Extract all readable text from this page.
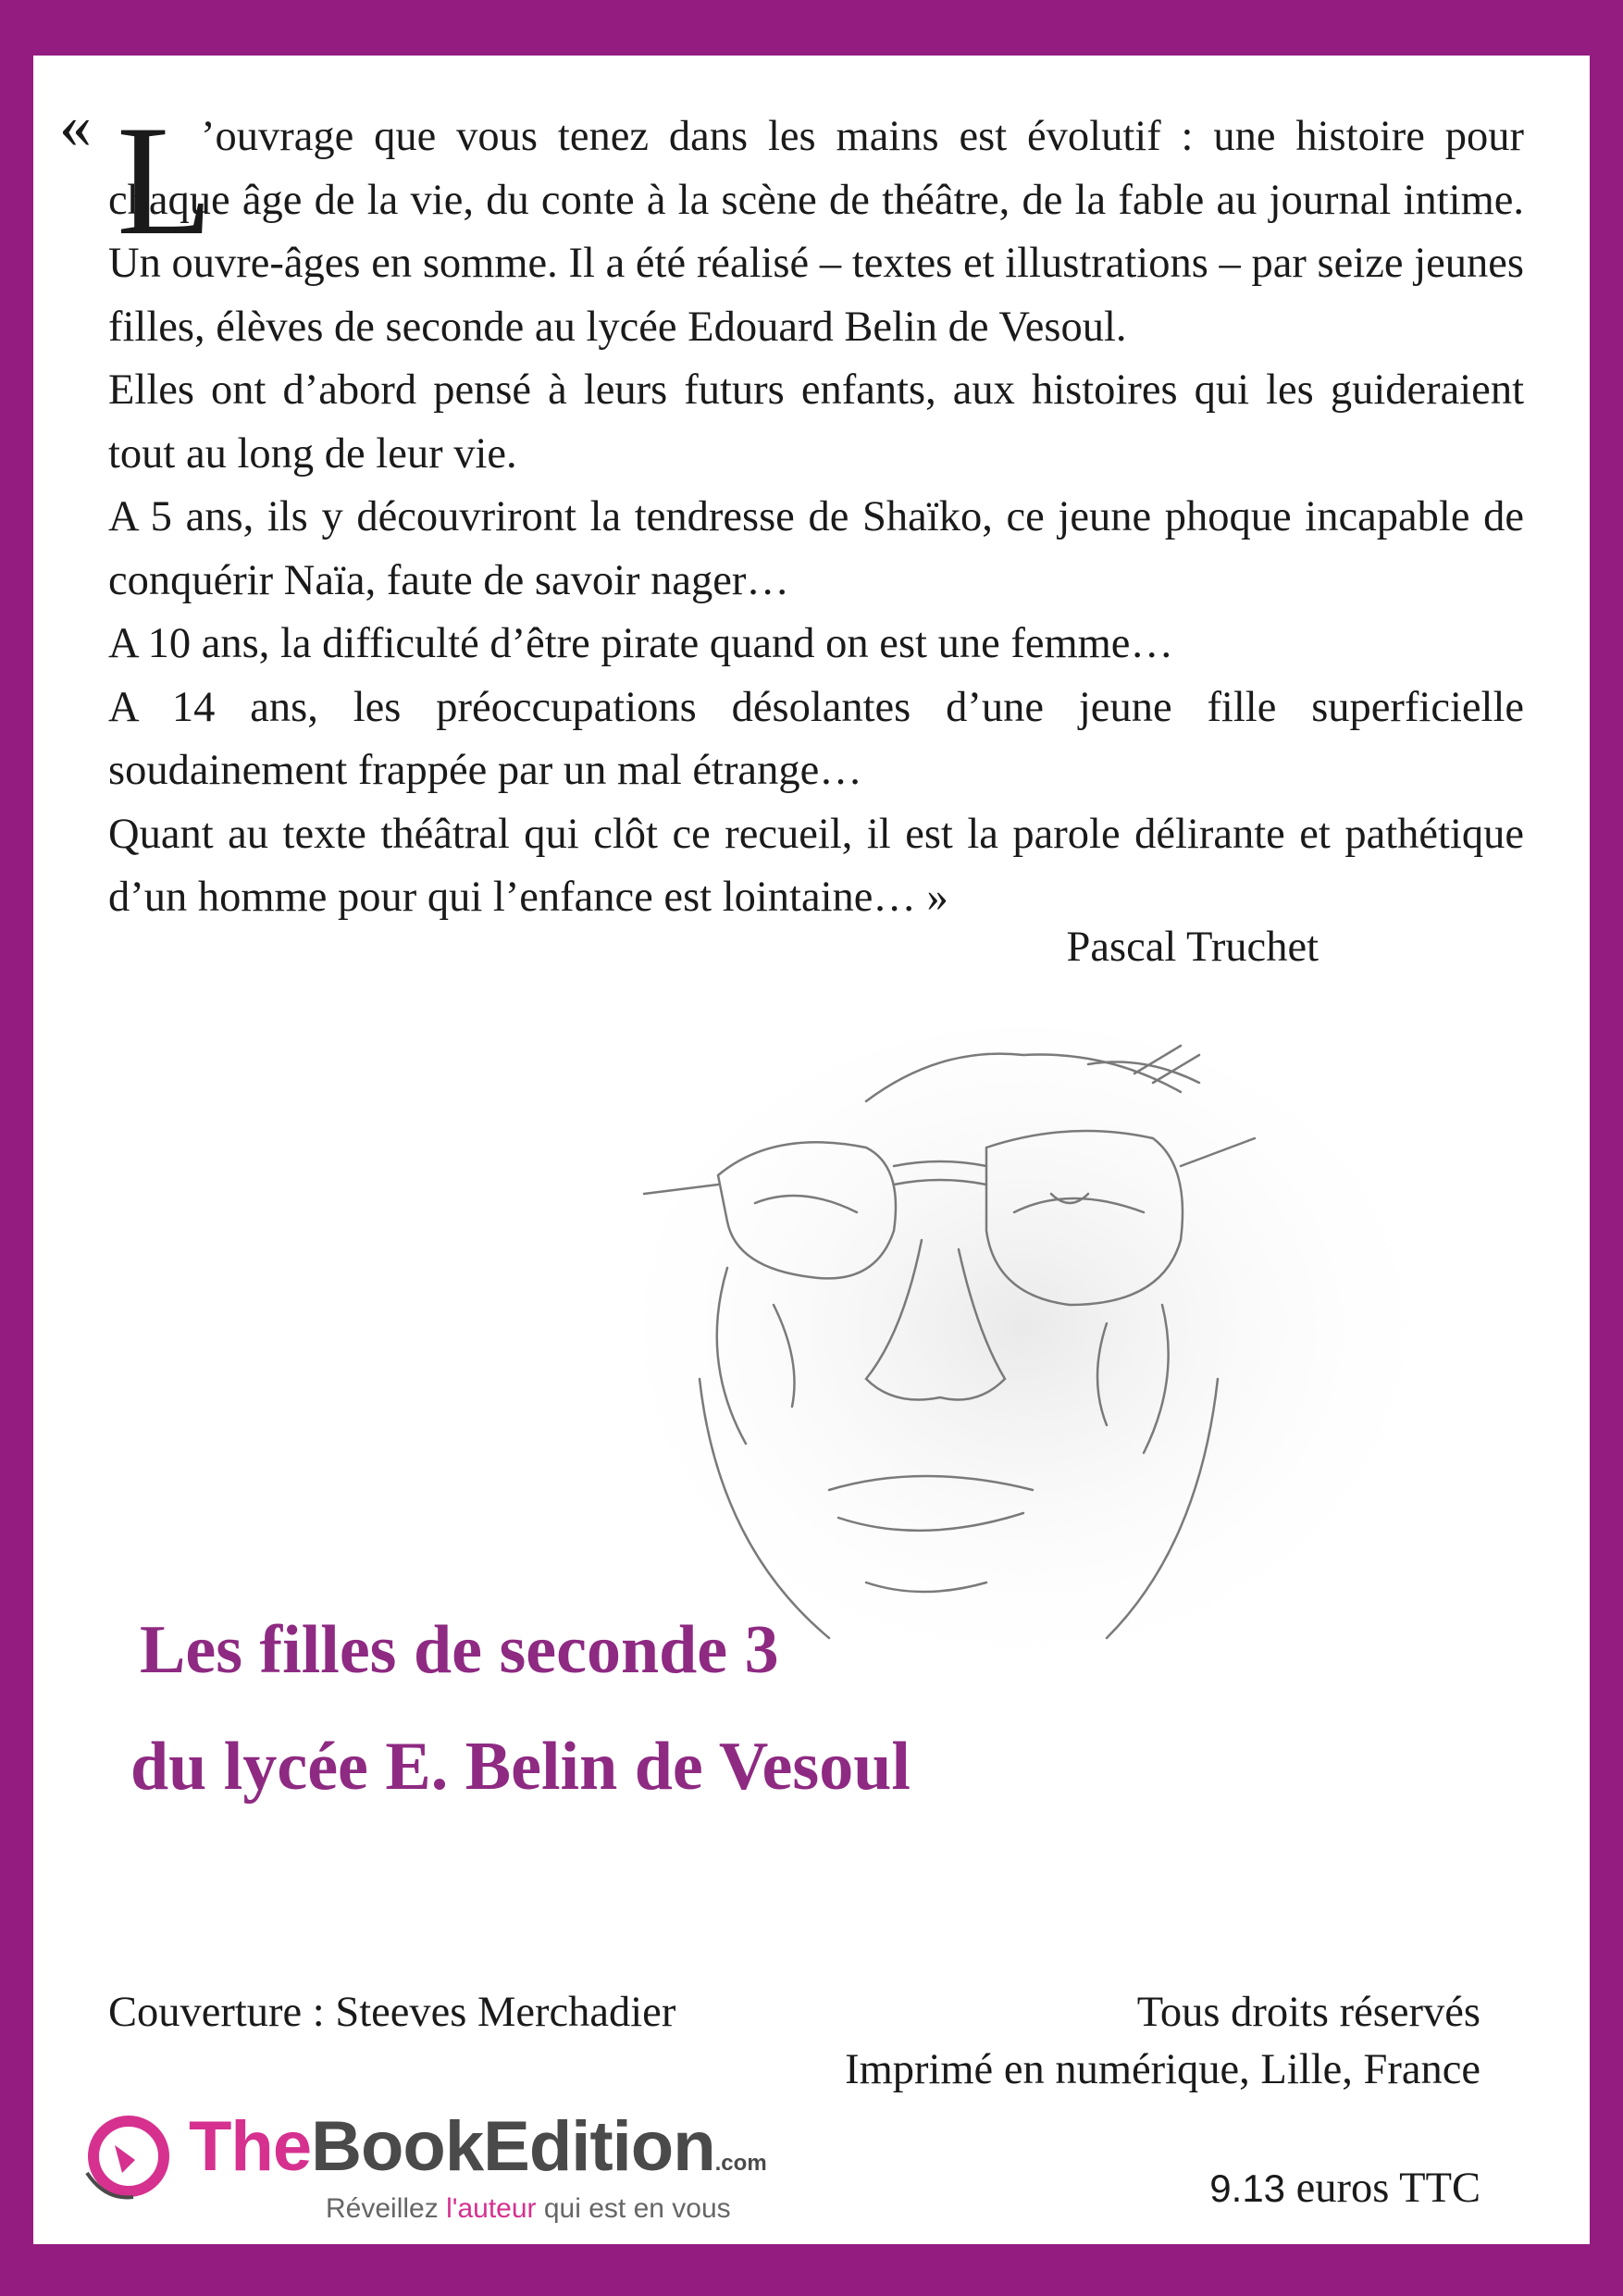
« L

’ouvrage que vous tenez dans les mains est évolutif : une histoire pour chaque âge de la vie, du conte à la scène de théâtre, de la fable au journal intime. Un ouvre-âges en somme. Il a été réalisé – textes et illustrations – par seize jeunes filles, élèves de seconde au lycée Edouard Belin de Vesoul.

Elles ont d’abord pensé à leurs futurs enfants, aux histoires qui les guideraient tout au long de leur vie.

A 5 ans, ils y découvriront la tendresse de Shaïko, ce jeune phoque incapable de conquérir Naïa, faute de savoir nager…

A 10 ans, la difficulté d’être pirate quand on est une femme…

A 14 ans, les préoccupations désolantes d’une jeune fille superficielle soudainement frappée par un mal étrange…

Quant au texte théâtral qui clôt ce recueil, il est la parole délirante et pathétique d’un homme pour qui l’enfance est lointaine… »

Pascal Truchet
Les filles de seconde 3
du lycée E. Belin de Vesoul
Couverture : Steeves Merchadier	Tous droits réservés
Imprimé en numérique, Lille, France
9.13 euros TTC
TheBookEdition.com
Réveillez l'auteur qui est en vous
